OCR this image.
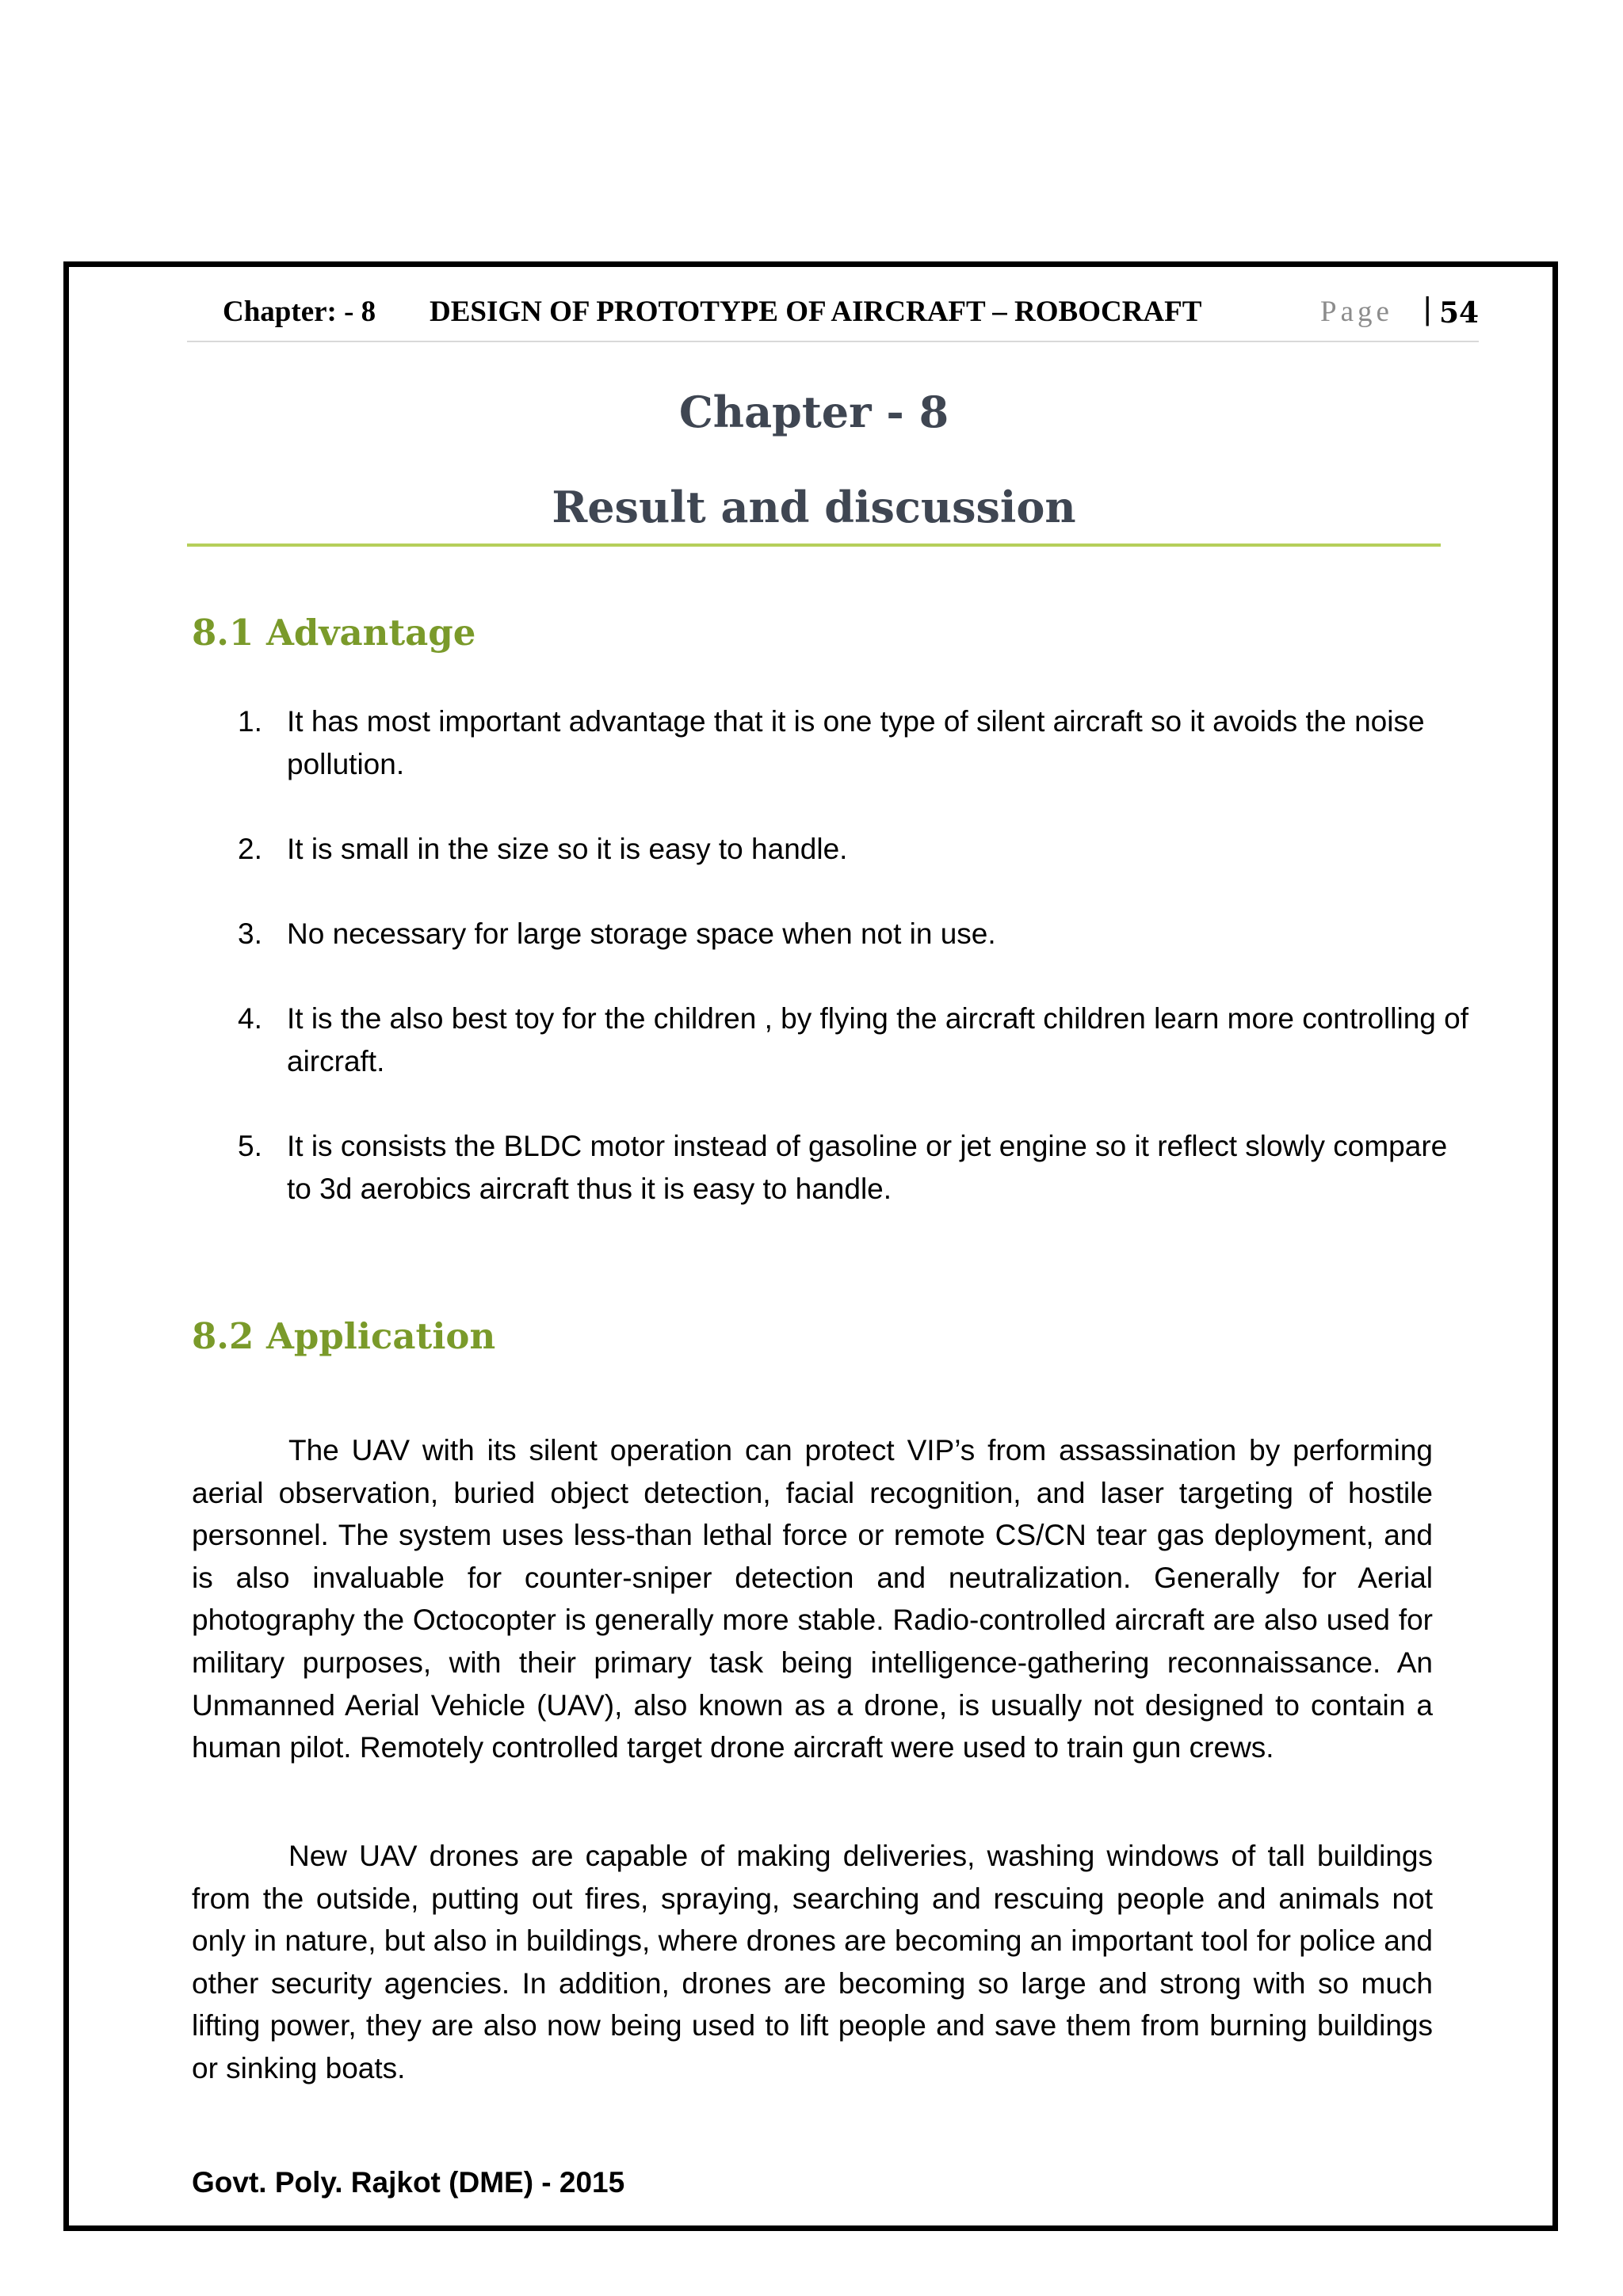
Chapter: - 8 DESIGN OF PROTOTYPE OF AIRCRAFT – ROBOCRAFT	Page | 54
Chapter - 8
Result and discussion
8.1 Advantage
1. It has most important advantage that it is one type of silent aircraft so it avoids the noise pollution.
2. It is small in the size so it is easy to handle.
3. No necessary for large storage space when not in use.
4. It is the also best toy for the children , by flying the aircraft children learn more controlling of aircraft.
5. It is consists the BLDC motor instead of gasoline or jet engine so it reflect slowly compare to 3d aerobics aircraft thus it is easy to handle.
8.2 Application

The UAV with its silent operation can protect VIP’s from assassination by performing aerial observation, buried object detection, facial recognition, and laser targeting of hostile personnel. The system uses less-than lethal force or remote CS/CN tear gas deployment, and is also invaluable for counter-sniper detection and neutralization. Generally for Aerial photography the Octocopter is generally more stable. Radio-controlled aircraft are also used for military purposes, with their primary task being intelligence-gathering reconnaissance. An Unmanned Aerial Vehicle (UAV), also known as a drone, is usually not designed to contain a human pilot. Remotely controlled target drone aircraft were used to train gun crews.

New UAV drones are capable of making deliveries, washing windows of tall buildings from the outside, putting out fires, spraying, searching and rescuing people and animals not only in nature, but also in buildings, where drones are becoming an important tool for police and other security agencies. In addition, drones are becoming so large and strong with so much lifting power, they are also now being used to lift people and save them from burning buildings or sinking boats.

Govt. Poly. Rajkot (DME) - 2015
